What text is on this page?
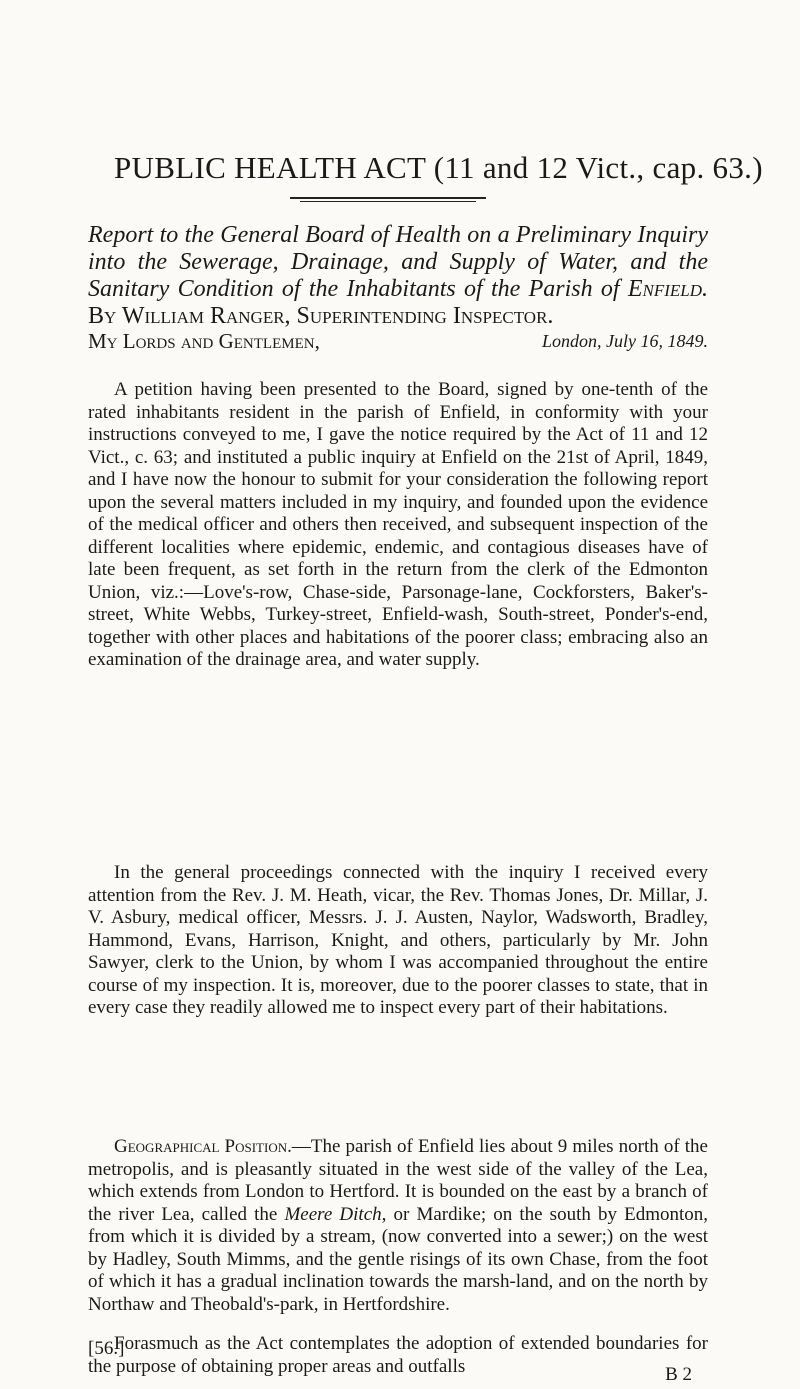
PUBLIC HEALTH ACT (11 and 12 Vict., cap. 63.)
Report to the General Board of Health on a Preliminary Inquiry into the Sewerage, Drainage, and Supply of Water, and the Sanitary Condition of the Inhabitants of the Parish of Enfield. By William Ranger, Superintending Inspector.
My Lords and Gentlemen,	London, July 16, 1849.

A petition having been presented to the Board, signed by one-tenth of the rated inhabitants resident in the parish of Enfield, in conformity with your instructions conveyed to me, I gave the notice required by the Act of 11 and 12 Vict., c. 63; and instituted a public inquiry at Enfield on the 21st of April, 1849, and I have now the honour to submit for your consideration the following report upon the several matters included in my inquiry, and founded upon the evidence of the medical officer and others then received, and subsequent inspection of the different localities where epidemic, endemic, and contagious diseases have of late been frequent, as set forth in the return from the clerk of the Edmonton Union, viz.:—Love's-row, Chase-side, Parsonage-lane, Cockforsters, Baker's-street, White Webbs, Turkey-street, Enfield-wash, South-street, Ponder's-end, together with other places and habitations of the poorer class; embracing also an examination of the drainage area, and water supply.

In the general proceedings connected with the inquiry I received every attention from the Rev. J. M. Heath, vicar, the Rev. Thomas Jones, Dr. Millar, J. V. Asbury, medical officer, Messrs. J. J. Austen, Naylor, Wadsworth, Bradley, Hammond, Evans, Harrison, Knight, and others, particularly by Mr. John Sawyer, clerk to the Union, by whom I was accompanied throughout the entire course of my inspection. It is, moreover, due to the poorer classes to state, that in every case they readily allowed me to inspect every part of their habitations.

Geographical Position.—The parish of Enfield lies about 9 miles north of the metropolis, and is pleasantly situated in the west side of the valley of the Lea, which extends from London to Hertford. It is bounded on the east by a branch of the river Lea, called the Meere Ditch, or Mardike; on the south by Edmonton, from which it is divided by a stream, (now converted into a sewer;) on the west by Hadley, South Mimms, and the gentle risings of its own Chase, from the foot of which it has a gradual inclination towards the marsh-land, and on the north by Northaw and Theobald's-park, in Hertfordshire.

Forasmuch as the Act contemplates the adoption of extended boundaries for the purpose of obtaining proper areas and outfalls

[56.]
B 2
